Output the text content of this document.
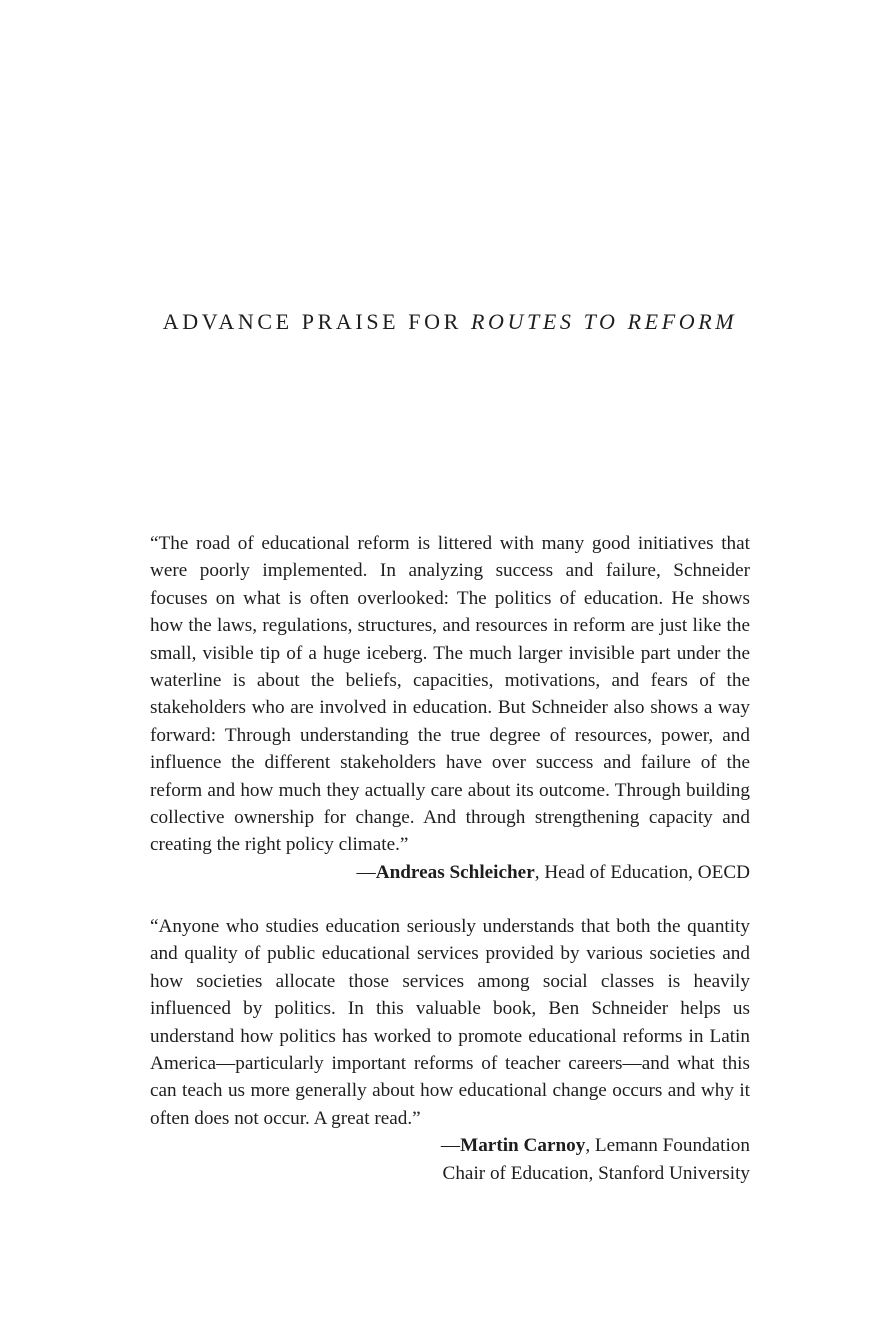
ADVANCE PRAISE FOR ROUTES TO REFORM

“The road of educational reform is littered with many good initiatives that were poorly implemented. In analyzing success and failure, Schneider focuses on what is often overlooked: The politics of education. He shows how the laws, regulations, structures, and resources in reform are just like the small, visible tip of a huge iceberg. The much larger invisible part under the waterline is about the beliefs, capacities, motivations, and fears of the stakeholders who are involved in education. But Schneider also shows a way forward: Through understanding the true degree of resources, power, and influence the different stakeholders have over success and failure of the reform and how much they actually care about its outcome. Through building collective ownership for change. And through strengthening capacity and creating the right policy climate.”

—Andreas Schleicher, Head of Education, OECD

“Anyone who studies education seriously understands that both the quantity and quality of public educational services provided by various societies and how societies allocate those services among social classes is heavily influenced by politics. In this valuable book, Ben Schneider helps us understand how politics has worked to promote educational reforms in Latin America—particularly important reforms of teacher careers—and what this can teach us more generally about how educational change occurs and why it often does not occur. A great read.”

—Martin Carnoy, Lemann Foundation
Chair of Education, Stanford University
